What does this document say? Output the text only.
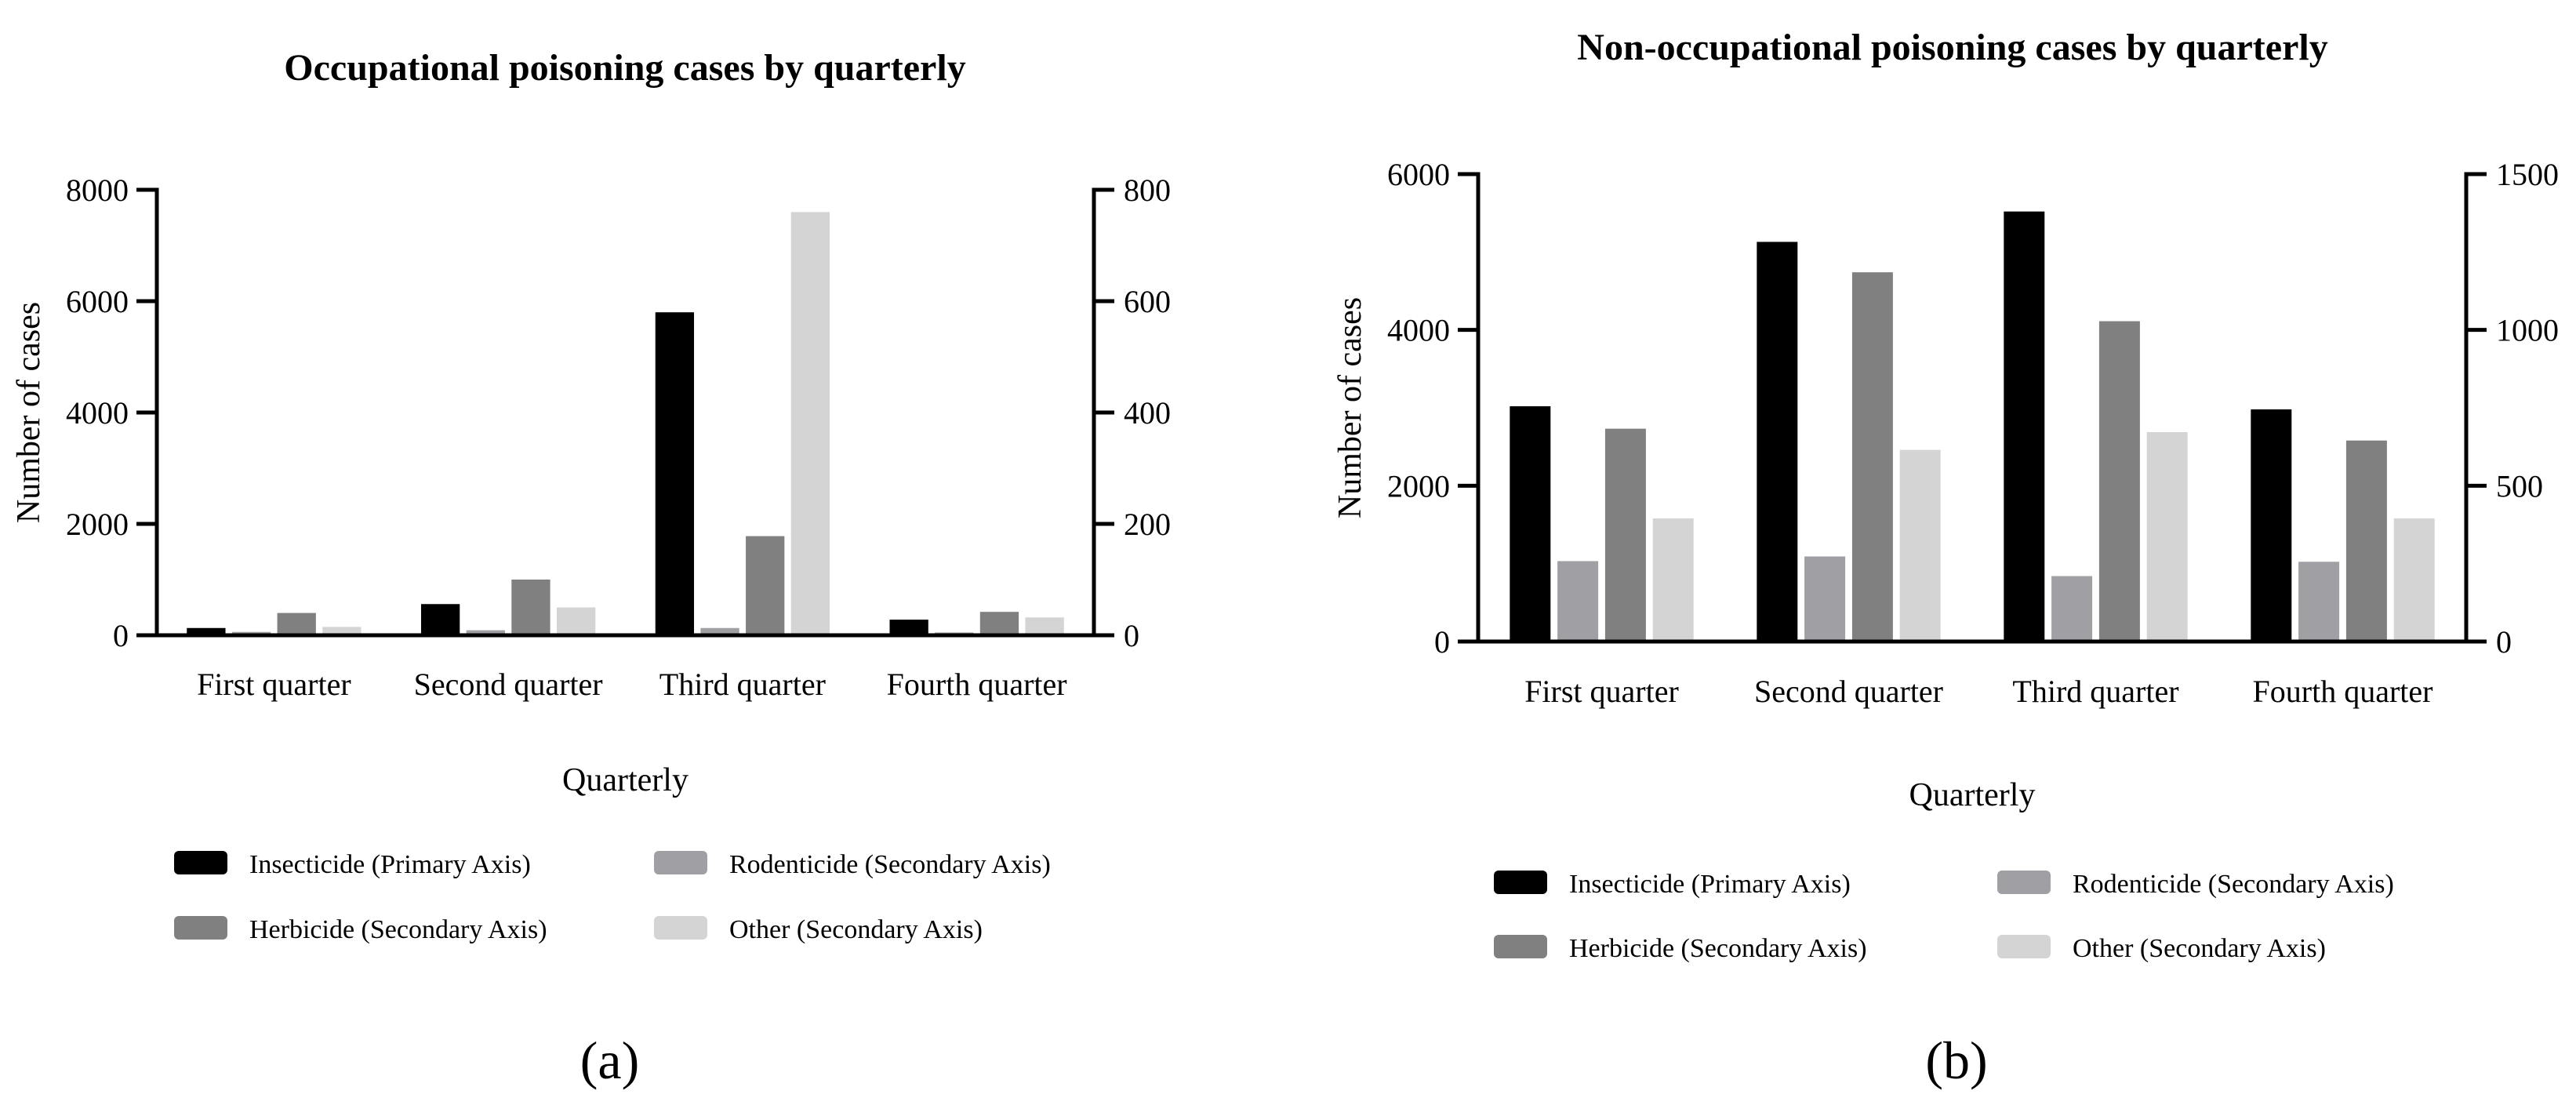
Occupational poisoning cases by quarterly
First quarter Second quarter Third quarter Fourth quarter
0
2000
4000
6000
8000
0
200
400
600
800
Number of cases
Quarterly
Insecticide (Primary Axis)	Rodenticide (Secondary Axis)
Herbicide (Secondary Axis)	Other (Secondary Axis)
(a)
Non-occupational poisoning cases by quarterly
First quarter Second quarter Third quarter Fourth quarter
0
2000
4000
6000
0
500
1000
1500
Number of cases
Quarterly
Insecticide (Primary Axis)	Rodenticide (Secondary Axis)
Herbicide (Secondary Axis)	Other (Secondary Axis)
(b)
